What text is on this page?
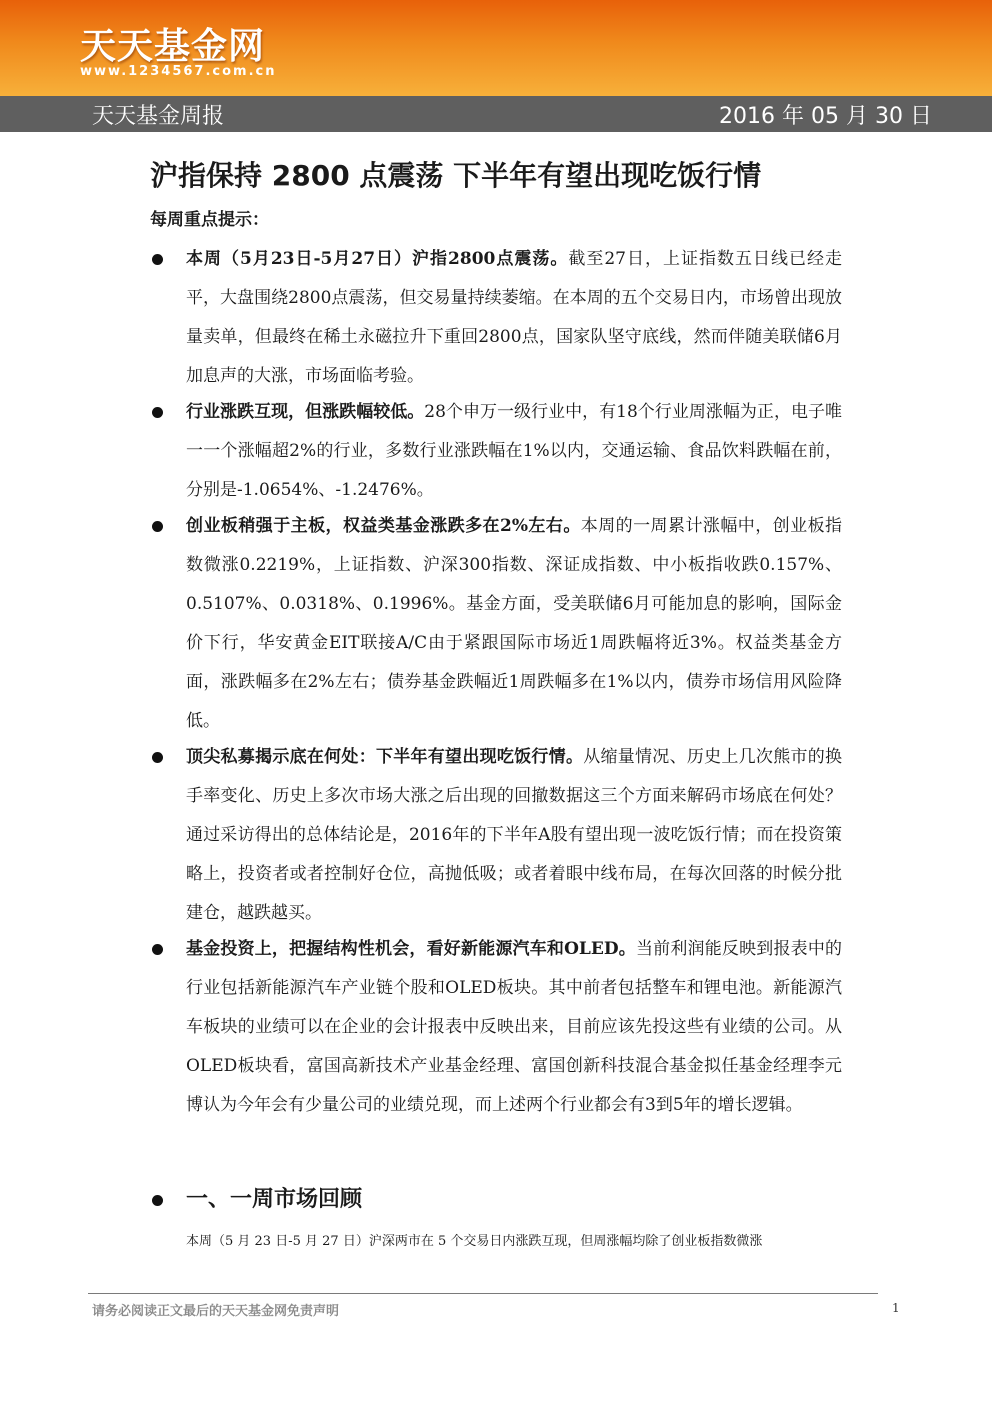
天天基金网
www.1234567.com.cn
天天基金周报	2016 年 05 月 30 日
沪指保持 2800 点震荡 下半年有望出现吃饭行情
每周重点提示：
本周（5月23日-5月27日）沪指2800点震荡。截至27日，上证指数五日线已经走平，大盘围绕2800点震荡，但交易量持续萎缩。在本周的五个交易日内，市场曾出现放量卖单，但最终在稀土永磁拉升下重回2800点，国家队坚守底线，然而伴随美联储6月加息声的大涨，市场面临考验。
行业涨跌互现，但涨跌幅较低。28个申万一级行业中，有18个行业周涨幅为正，电子唯一一个涨幅超2%的行业，多数行业涨跌幅在1%以内，交通运输、食品饮料跌幅在前，分别是-1.0654%、-1.2476%。
创业板稍强于主板，权益类基金涨跌多在2%左右。本周的一周累计涨幅中，创业板指数微涨0.2219%，上证指数、沪深300指数、深证成指数、中小板指收跌0.157%、0.5107%、0.0318%、0.1996%。基金方面，受美联储6月可能加息的影响，国际金价下行，华安黄金EIT联接A/C由于紧跟国际市场近1周跌幅将近3%。权益类基金方面，涨跌幅多在2%左右；债券基金跌幅近1周跌幅多在1%以内，债券市场信用风险降低。
顶尖私募揭示底在何处：下半年有望出现吃饭行情。从缩量情况、历史上几次熊市的换手率变化、历史上多次市场大涨之后出现的回撤数据这三个方面来解码市场底在何处？通过采访得出的总体结论是，2016年的下半年A股有望出现一波吃饭行情；而在投资策略上，投资者或者控制好仓位，高抛低吸；或者着眼中线布局，在每次回落的时候分批建仓，越跌越买。
基金投资上，把握结构性机会，看好新能源汽车和OLED。当前利润能反映到报表中的行业包括新能源汽车产业链个股和OLED板块。其中前者包括整车和锂电池。新能源汽车板块的业绩可以在企业的会计报表中反映出来，目前应该先投这些有业绩的公司。从OLED板块看，富国高新技术产业基金经理、富国创新科技混合基金拟任基金经理李元博认为今年会有少量公司的业绩兑现，而上述两个行业都会有3到5年的增长逻辑。
一、一周市场回顾
本周（5 月 23 日-5 月 27 日）沪深两市在 5 个交易日内涨跌互现，但周涨幅均除了创业板指数微涨
请务必阅读正文最后的天天基金网免责声明	1
